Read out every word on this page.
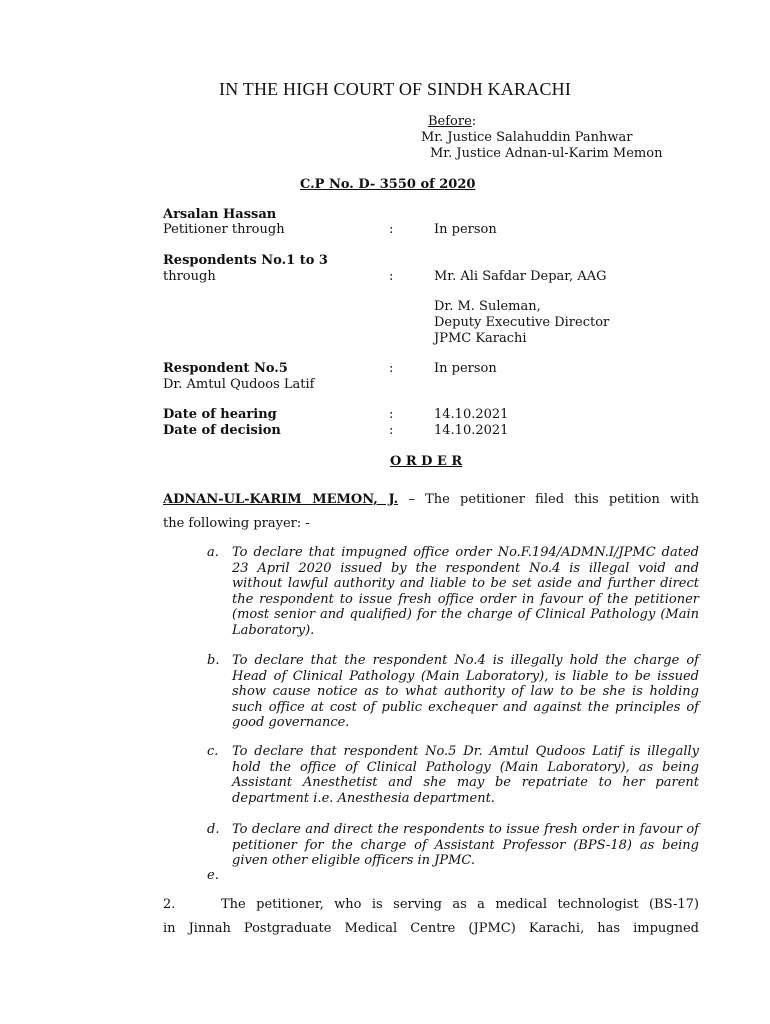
IN THE HIGH COURT OF SINDH KARACHI
Before:
Mr. Justice Salahuddin Panhwar
Mr. Justice Adnan-ul-Karim Memon
C.P No. D- 3550 of 2020
Arsalan Hassan
Petitioner through	:	In person
Respondents No.1 to 3
through	:	Mr. Ali Safdar Depar, AAG
Dr. M. Suleman,
Deputy Executive Director
JPMC Karachi
Respondent No.5	:	In person
Dr. Amtul Qudoos Latif
Date of hearing	:	14.10.2021
Date of decision	:	14.10.2021
O R D E R
ADNAN-UL-KARIM MEMON, J. – The petitioner filed this petition with
the following prayer: -
a. To declare that impugned office order No.F.194/ADMN.I/JPMC dated 23 April 2020 issued by the respondent No.4 is illegal void and without lawful authority and liable to be set aside and further direct the respondent to issue fresh office order in favour of the petitioner (most senior and qualified) for the charge of Clinical Pathology (Main Laboratory).
b. To declare that the respondent No.4 is illegally hold the charge of Head of Clinical Pathology (Main Laboratory), is liable to be issued show cause notice as to what authority of law to be she is holding such office at cost of public exchequer and against the principles of good governance.
c. To declare that respondent No.5 Dr. Amtul Qudoos Latif is illegally hold the office of Clinical Pathology (Main Laboratory), as being Assistant Anesthetist and she may be repatriate to her parent department i.e. Anesthesia department.
d. To declare and direct the respondents to issue fresh order in favour of petitioner for the charge of Assistant Professor (BPS-18) as being given other eligible officers in JPMC.
e.
2.	The petitioner, who is serving as a medical technologist (BS-17)
in Jinnah Postgraduate Medical Centre (JPMC) Karachi, has impugned
